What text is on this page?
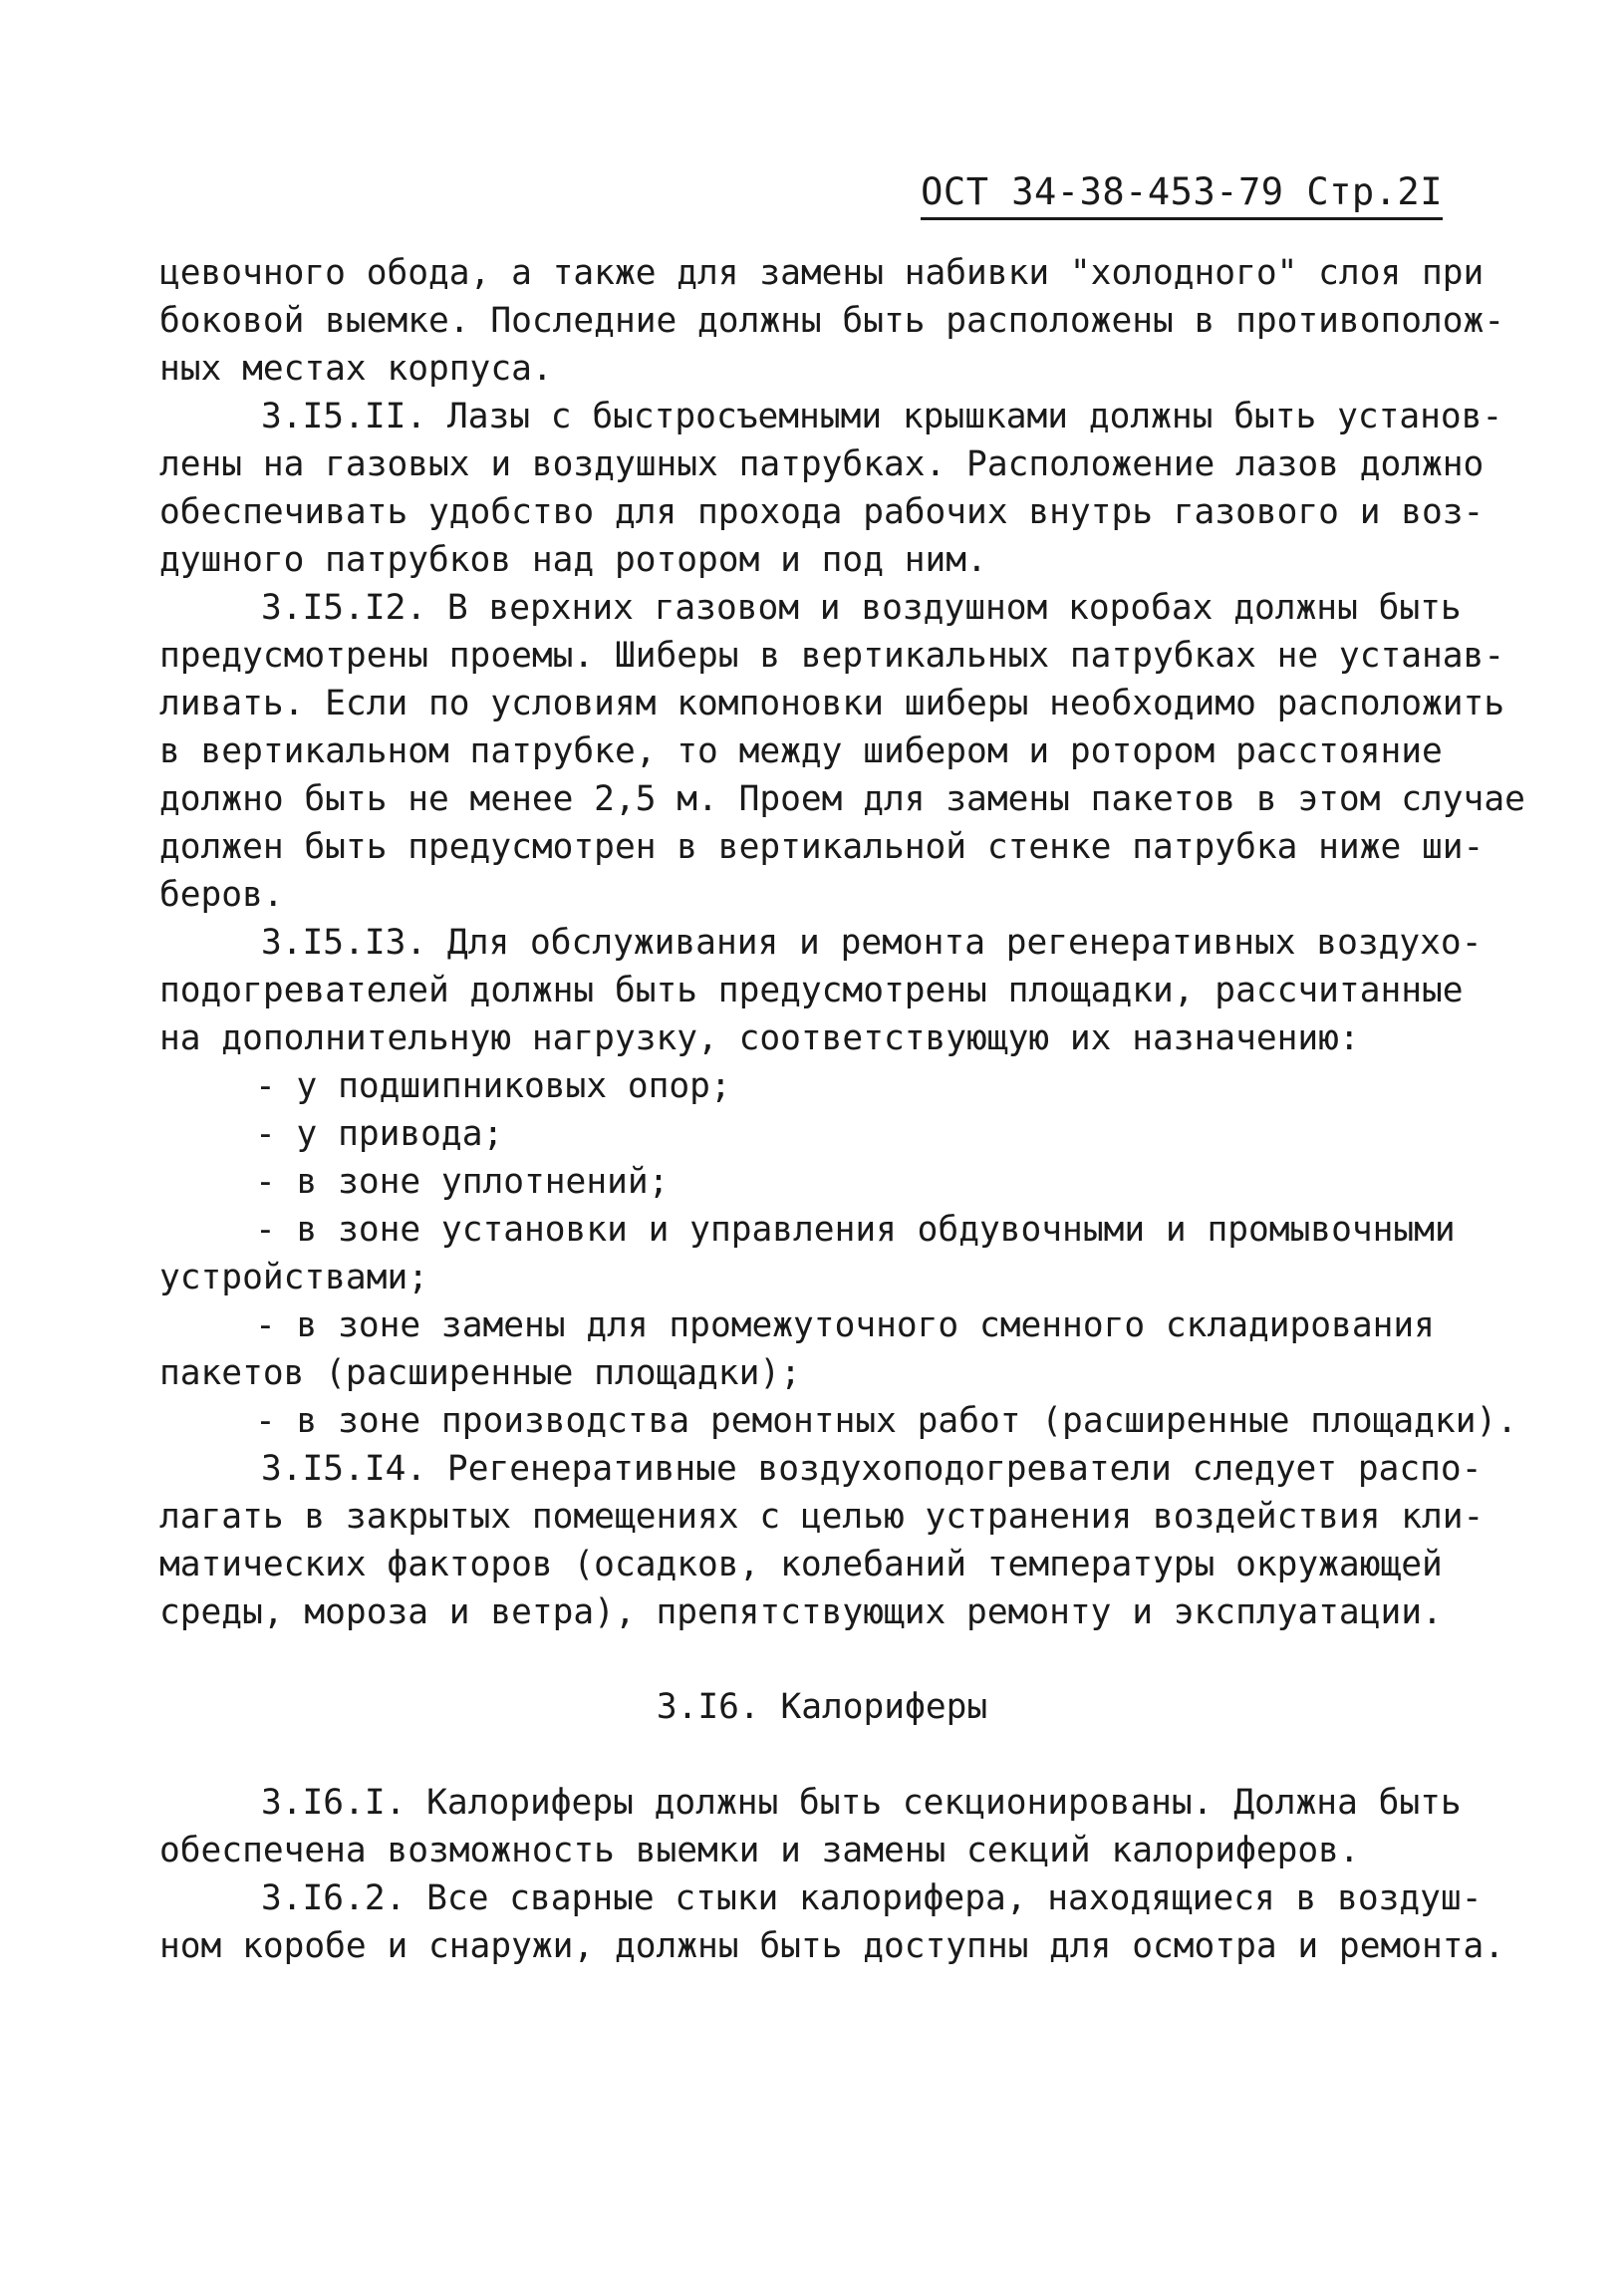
ОСТ 34-38-453-79 Стр.2I
цевочного обода, а также для замены набивки "холодного" слоя при
боковой выемке. Последние должны быть расположены в противополож-
ных местах корпуса.
3.I5.II. Лазы с быстросъемными крышками должны быть установ-
лены на газовых и воздушных патрубках. Расположение лазов должно
обеспечивать удобство для прохода рабочих внутрь газового и воз-
душного патрубков над ротором и под ним.
3.I5.I2. В верхних газовом и воздушном коробах должны быть
предусмотрены проемы. Шиберы в вертикальных патрубках не устанав-
ливать. Если по условиям компоновки шиберы необходимо расположить
в вертикальном патрубке, то между шибером и ротором расстояние
должно быть не менее 2,5 м. Проем для замены пакетов в этом случае
должен быть предусмотрен в вертикальной стенке патрубка ниже ши-
беров.
3.I5.I3. Для обслуживания и ремонта регенеративных воздухо-
подогревателей должны быть предусмотрены площадки, рассчитанные
на дополнительную нагрузку, соответствующую их назначению:
- у подшипниковых опор;
- у привода;
- в зоне уплотнений;
- в зоне установки и управления обдувочными и промывочными
устройствами;
- в зоне замены для промежуточного сменного складирования
пакетов (расширенные площадки);
- в зоне производства ремонтных работ (расширенные площадки).
3.I5.I4. Регенеративные воздухоподогреватели следует распо-
лагать в закрытых помещениях с целью устранения воздействия кли-
матических факторов (осадков, колебаний температуры окружающей
среды, мороза и ветра), препятствующих ремонту и эксплуатации.
3.I6. Калориферы
3.I6.I. Калориферы должны быть секционированы. Должна быть
обеспечена возможность выемки и замены секций калориферов.
3.I6.2. Все сварные стыки калорифера, находящиеся в воздуш-
ном коробе и снаружи, должны быть доступны для осмотра и ремонта.
